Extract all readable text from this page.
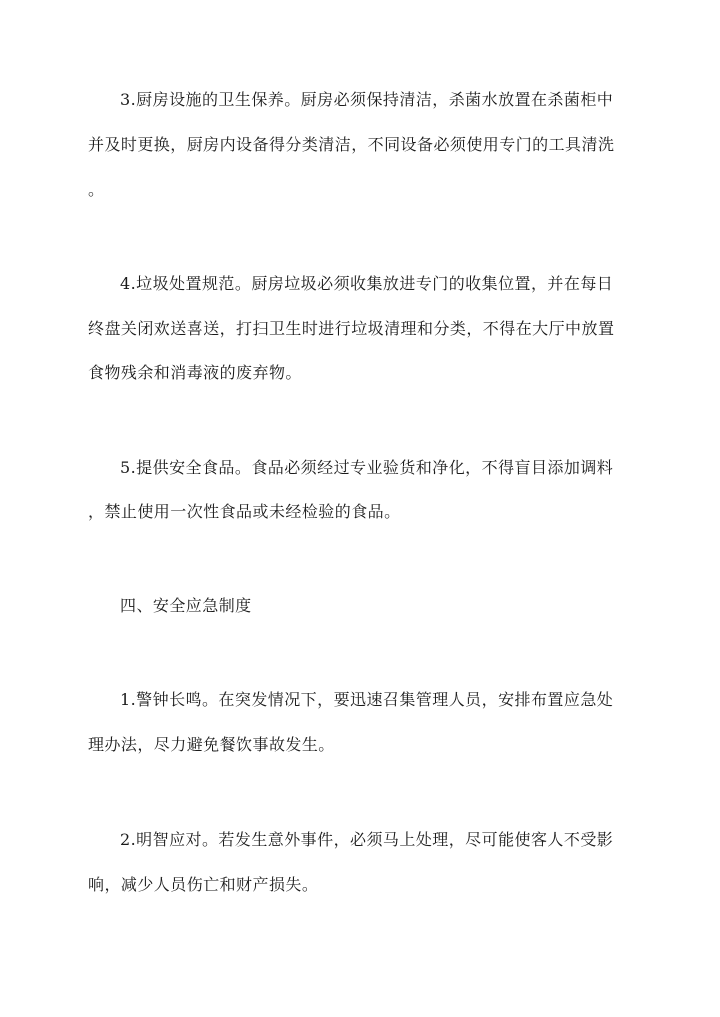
3.厨房设施的卫生保养。厨房必须保持清洁，杀菌水放置在杀菌柜中
并及时更换，厨房内设备得分类清洁，不同设备必须使用专门的工具清洗
。
4.垃圾处置规范。厨房垃圾必须收集放进专门的收集位置，并在每日
终盘关闭欢送喜送，打扫卫生时进行垃圾清理和分类，不得在大厅中放置
食物残余和消毒液的废弃物。
5.提供安全食品。食品必须经过专业验货和净化，不得盲目添加调料
，禁止使用一次性食品或未经检验的食品。
四、安全应急制度
1.警钟长鸣。在突发情况下，要迅速召集管理人员，安排布置应急处
理办法，尽力避免餐饮事故发生。
2.明智应对。若发生意外事件，必须马上处理，尽可能使客人不受影
响，减少人员伤亡和财产损失。
